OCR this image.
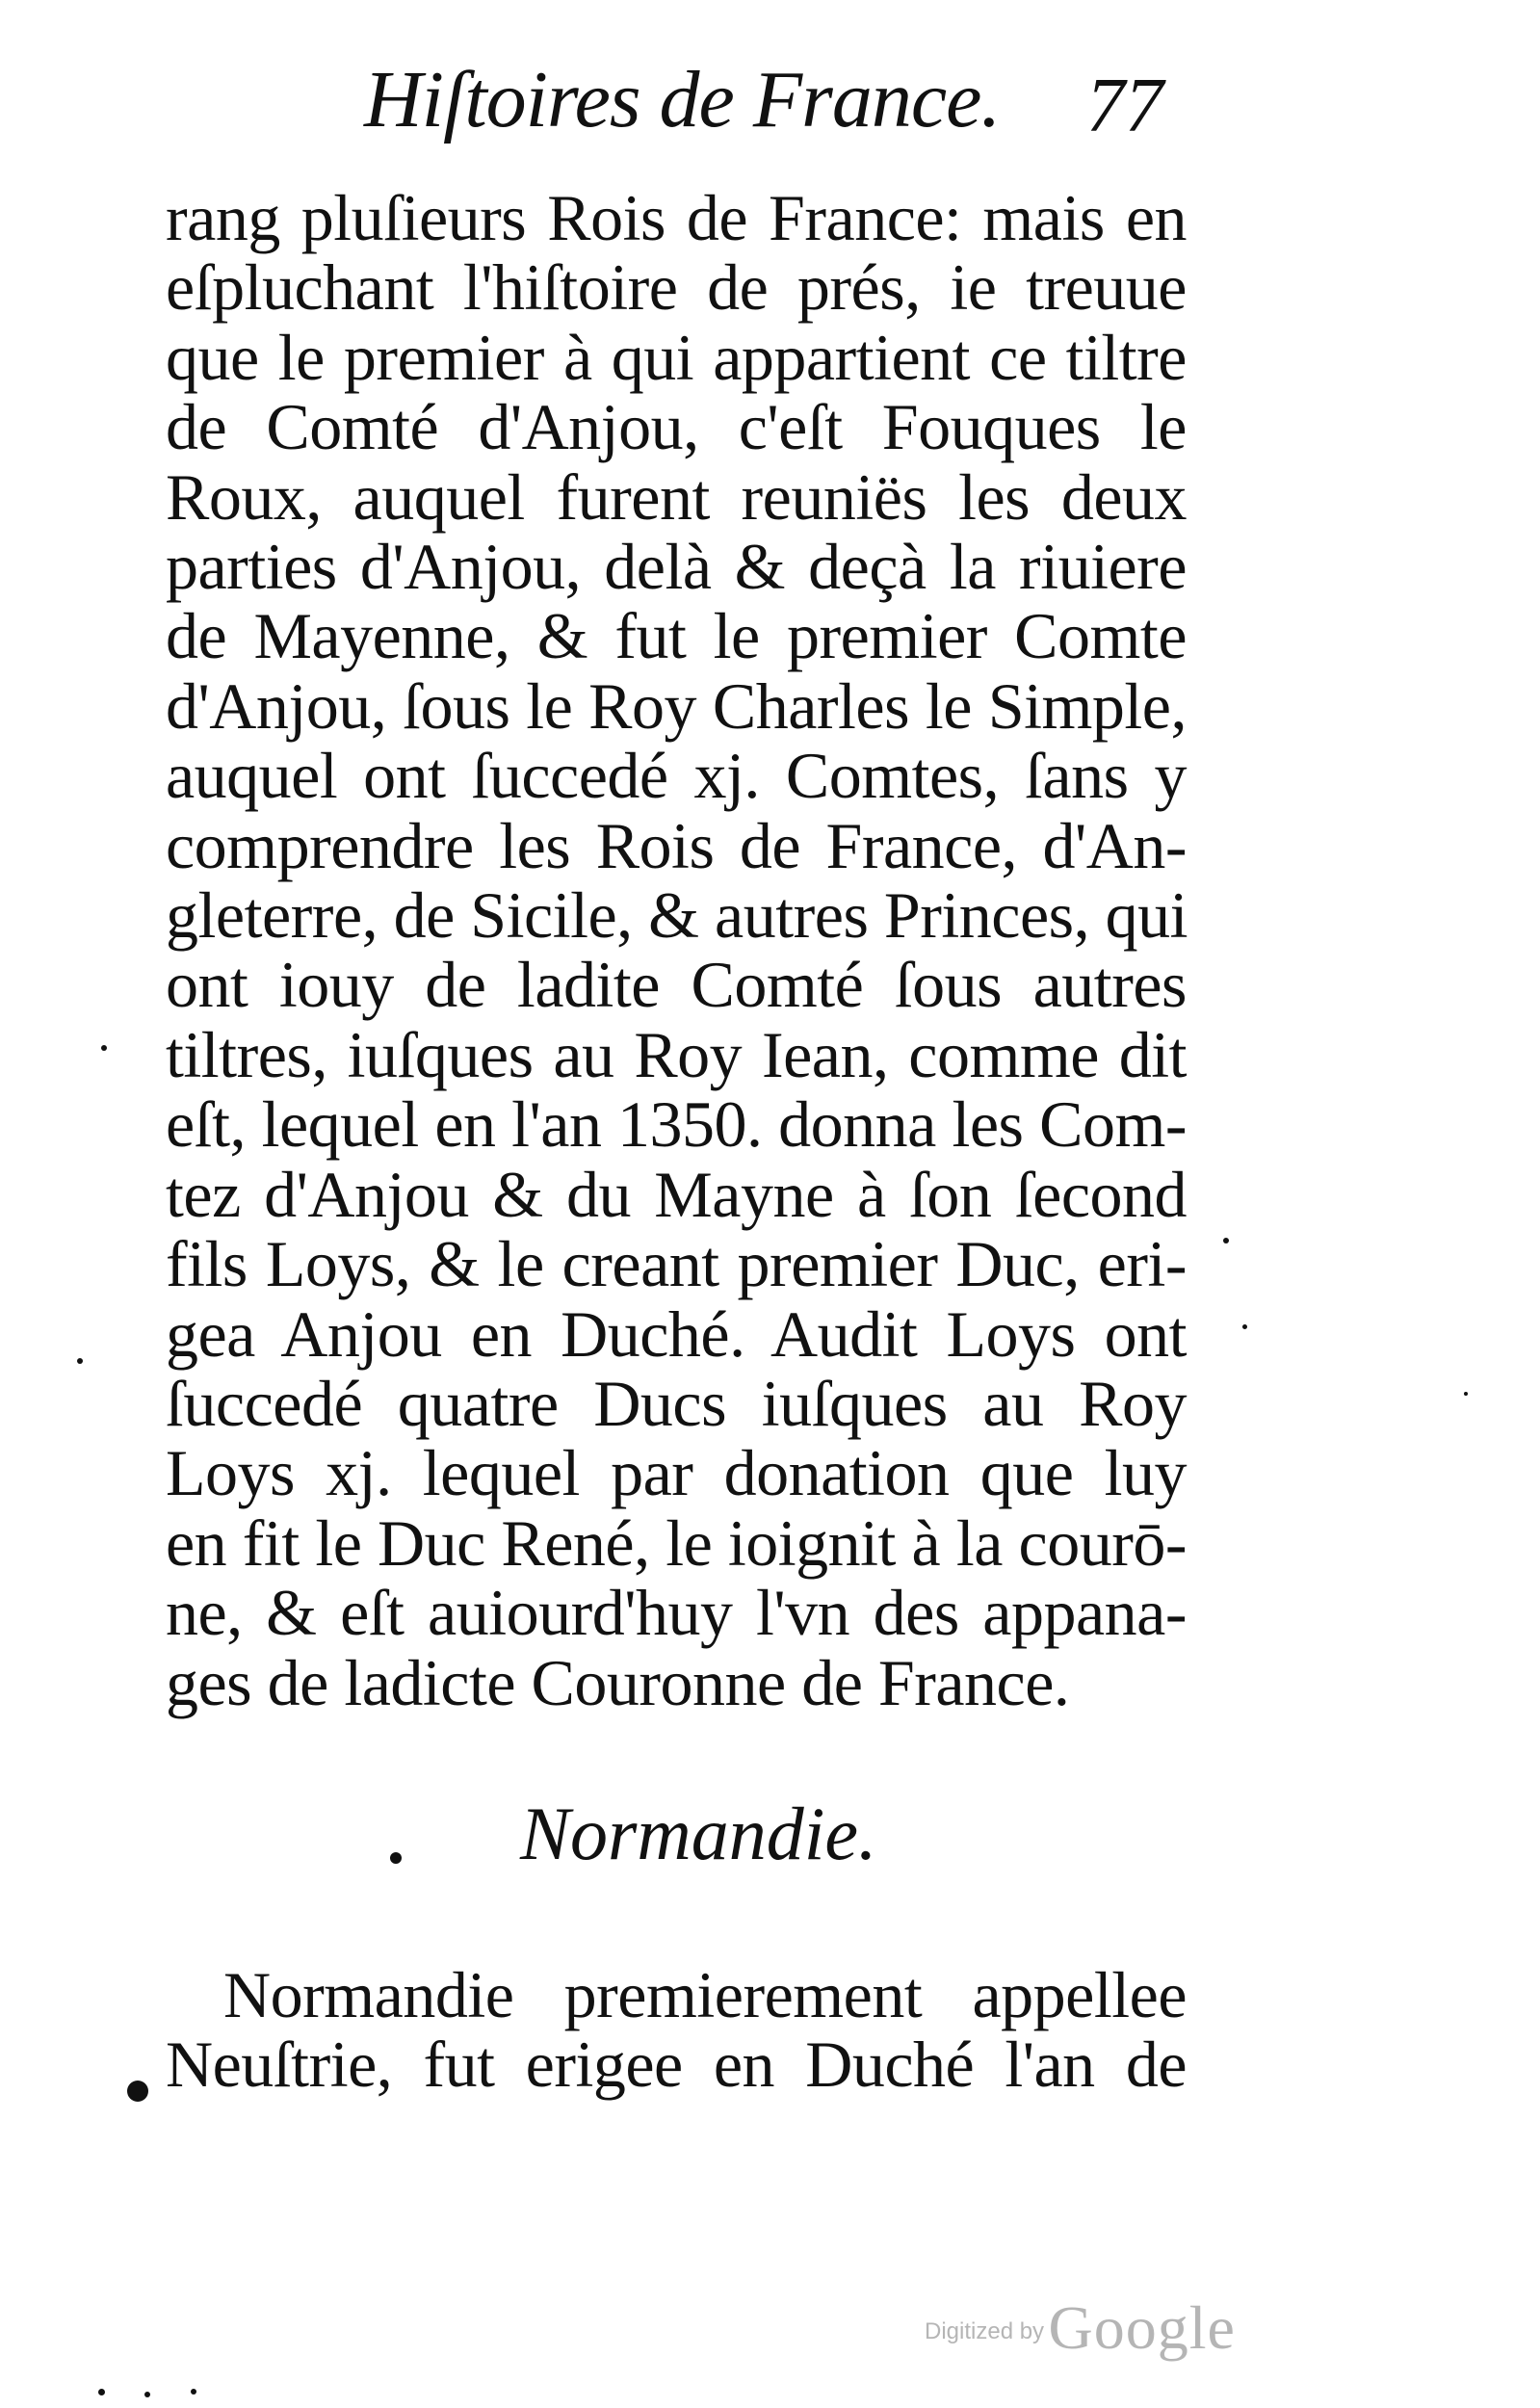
Hiſtoires de France. 77
rang pluſieurs Rois de France: mais en
eſpluchant l'hiſtoire de prés, ie treuue
que le premier à qui appartient ce tiltre
de Comté d'Anjou, c'eſt Fouques le
Roux, auquel furent reuniës les deux
parties d'Anjou, delà & deçà la riuiere
de Mayenne, & fut le premier Comte
d'Anjou, ſous le Roy Charles le Simple,
auquel ont ſuccedé xj. Comtes, ſans y
comprendre les Rois de France, d'An-
gleterre, de Sicile, & autres Princes, qui
ont iouy de ladite Comté ſous autres
tiltres, iuſques au Roy Iean, comme dit
eſt, lequel en l'an 1350. donna les Com-
tez d'Anjou & du Mayne à ſon ſecond
fils Loys, & le creant premier Duc, eri-
gea Anjou en Duché. Audit Loys ont
ſuccedé quatre Ducs iuſques au Roy
Loys xj. lequel par donation que luy
en fit le Duc René, le ioignit à la courō-
ne, & eſt auiourd'huy l'vn des appana-
ges de ladicte Couronne de France.
Normandie.
Normandie premierement appellee
Neuſtrie, fut erigee en Duché l'an de
Digitized by Google
